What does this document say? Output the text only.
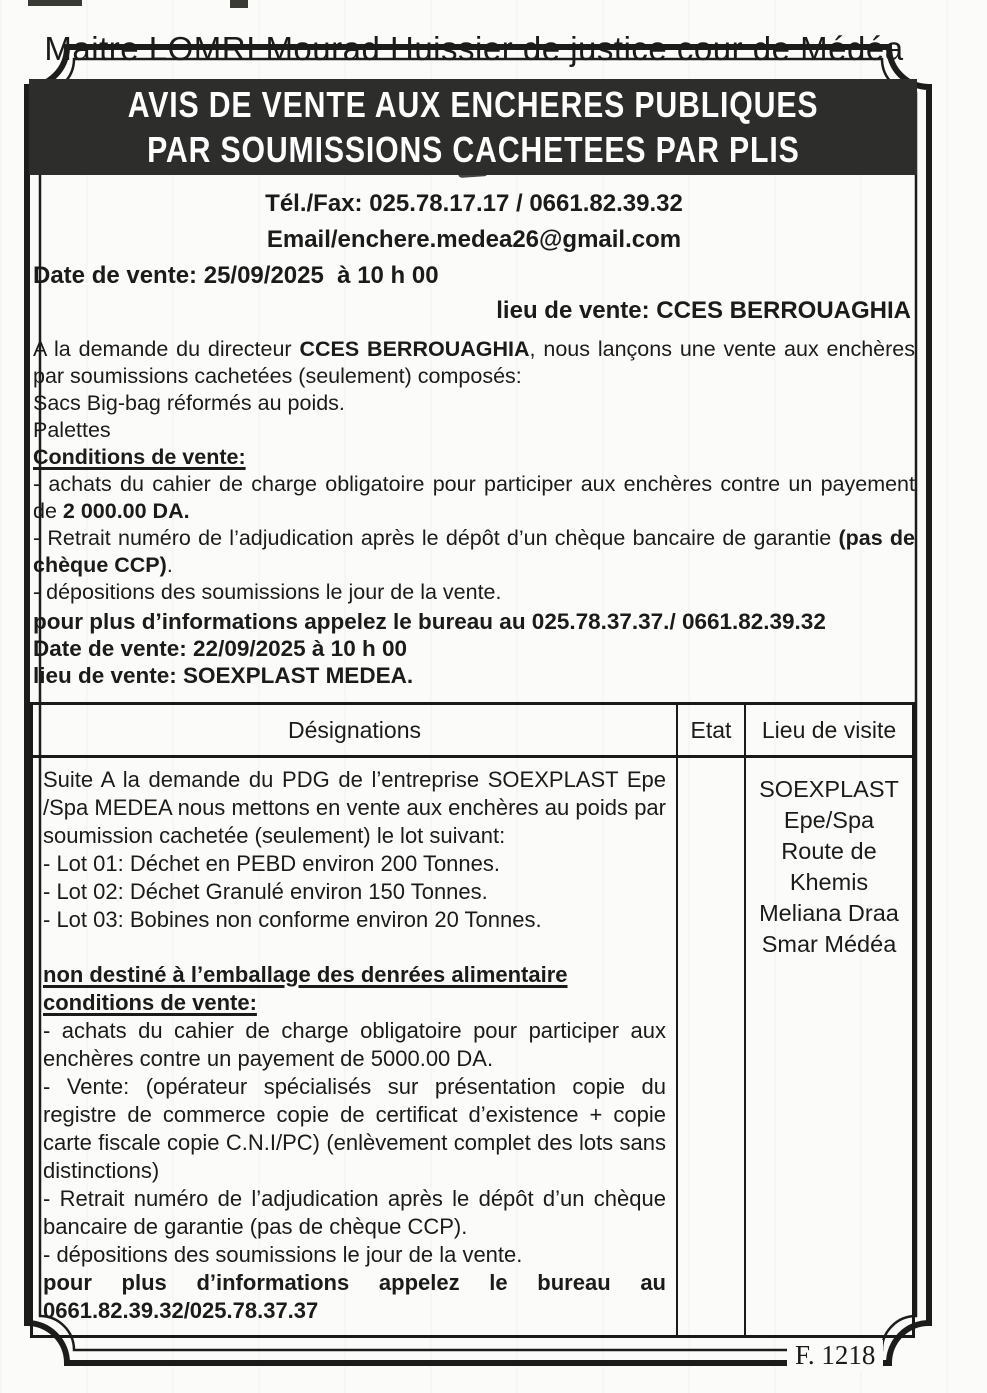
Maitre LOMRI Mourad Huissier de justice cour de Médéa
AVIS DE VENTE AUX ENCHERES PUBLIQUES
PAR SOUMISSIONS CACHETEES PAR PLIS
Tél./Fax: 025.78.17.17 / 0661.82.39.32
Email/enchere.medea26@gmail.com
Date de vente: 25/09/2025  à 10 h 00
lieu de vente: CCES BERROUAGHIA

A la demande du directeur CCES BERROUAGHIA, nous lançons une vente aux enchères par soumissions cachetées (seulement) composés:

Sacs Big-bag réformés au poids.
Palettes
Conditions de vente:

- achats du cahier de charge obligatoire pour participer aux enchères contre un payement de 2 000.00 DA.

- Retrait numéro de l’adjudication après le dépôt d’un chèque bancaire de garantie (pas de chèque CCP).

- dépositions des soumissions le jour de la vente.
pour plus d’informations appelez le bureau au 025.78.37.37./ 0661.82.39.32
Date de vente: 22/09/2025 à 10 h 00
lieu de vente: SOEXPLAST MEDEA.
Désignations	Etat	Lieu de visite

Suite A la demande du PDG de l’entreprise SOEXPLAST Epe /Spa MEDEA nous mettons en vente aux enchères au poids par soumission cachetée (seulement) le lot suivant:

- Lot 01: Déchet en PEBD environ 200 Tonnes.

- Lot 02: Déchet Granulé environ 150 Tonnes.

- Lot 03: Bobines non conforme environ 20 Tonnes.

non destiné à l’emballage des denrées alimentaire

conditions de vente:

- achats du cahier de charge obligatoire pour participer aux enchères contre un payement de 5000.00 DA.

- Vente: (opérateur spécialisés sur présentation copie du registre de commerce copie de certificat d’existence + copie carte fiscale copie C.N.I/PC) (enlèvement complet des lots sans distinctions)

- Retrait numéro de l’adjudication après le dépôt d’un chèque bancaire de garantie (pas de chèque CCP).

- dépositions des soumissions le jour de la vente.

pour plus d’informations appelez le bureau au

0661.82.39.32/025.78.37.37

SOEXPLAST
Epe/Spa
Route de
Khemis
Meliana Draa
Smar Médéa
F. 1218
